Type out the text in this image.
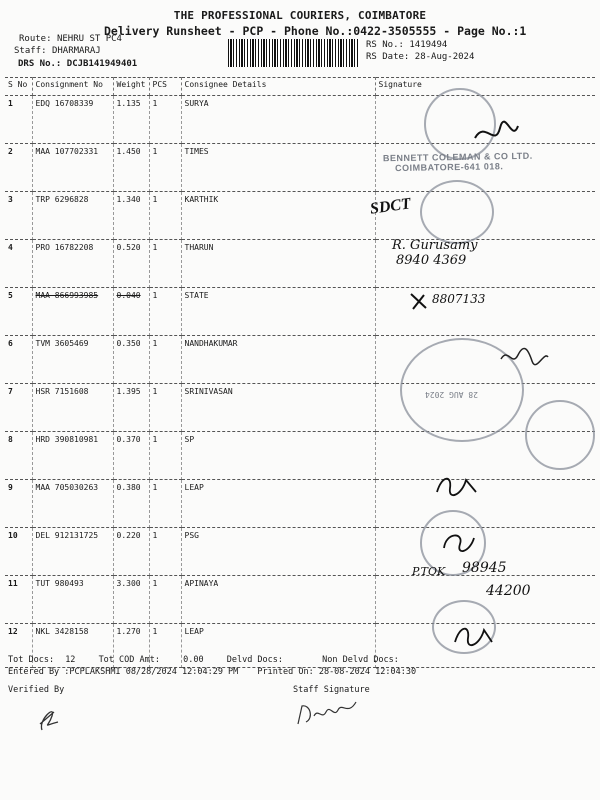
THE PROFESSIONAL COURIERS, COIMBATORE
Delivery Runsheet - PCP - Phone No.:0422-3505555 - Page No.:1
Route: NEHRU ST PC4
Staff: DHARMARAJ
DRS No.: DCJB141949401
RS No.: 1419494
RS Date: 28-Aug-2024
S No	Consignment No	Weight	PCS	Consignee Details	Signature
1	EDQ 16708339	1.135	1	SURYA	
2	MAA 107702331	1.450	1	TIMES	
3	TRP 6296828	1.340	1	KARTHIK	
4	PRO 16782208	0.520	1	THARUN	
5	MAA 866993985	0.040	1	STATE	
6	TVM 3605469	0.350	1	NANDHAKUMAR	
7	HSR 7151608	1.395	1	SRINIVASAN	
8	HRD 390810981	0.370	1	SP	
9	MAA 705030263	0.380	1	LEAP	
10	DEL 912131725	0.220	1	PSG	
11	TUT 980493	3.300	1	APINAYA	
12	NKL 3428158	1.270	1	LEAP	
BENNETT COLEMAN & CO LTD.
COIMBATORE-641 018.
SDCT
R. Gurusamy
8940 4369
8807133
28 AUG 2024
P.TOK 98945
44200
Tot Docs: 12	Tot COD Amt:	0.00	Delvd Docs:	Non Delvd Docs:
Entered By :PCPLAKSHMI 08/28/2024 12:04:29 PM Printed On: 28-08-2024 12:04:30
Verified By	Staff Signature
